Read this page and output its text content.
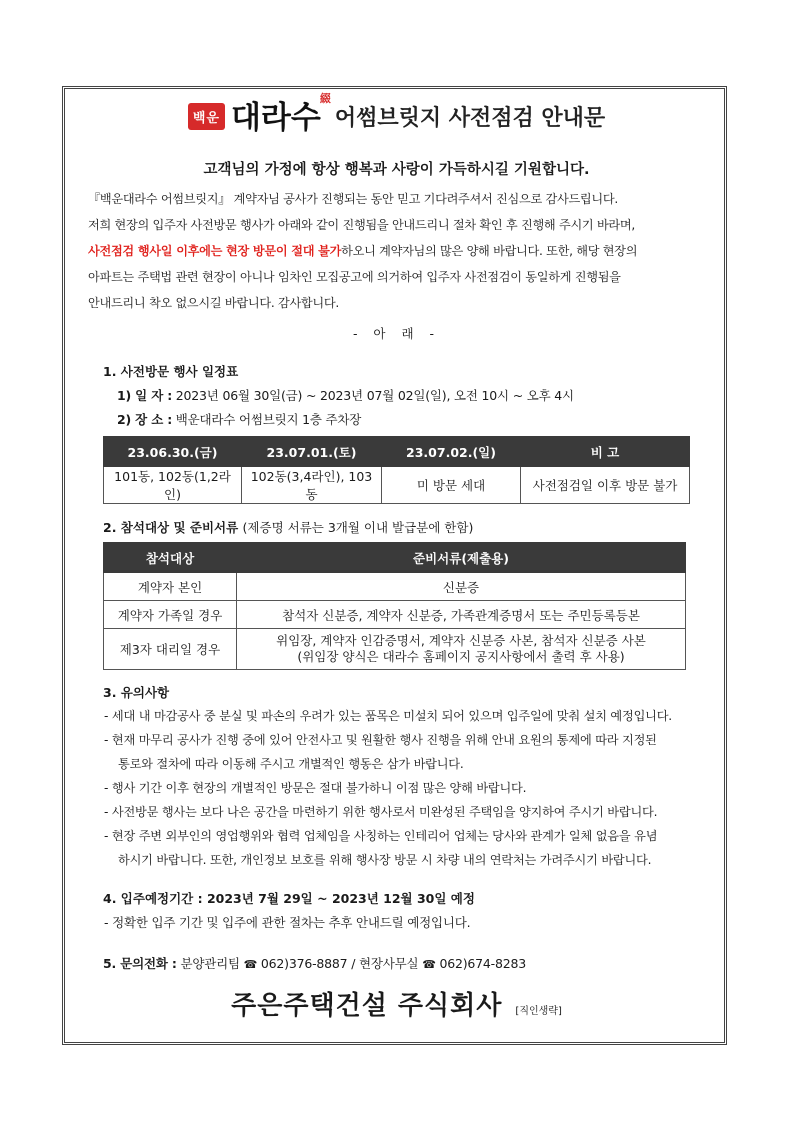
백운 대라수
綴
어썸브릿지 사전점검 안내문
고객님의 가정에 항상 행복과 사랑이 가득하시길 기원합니다.
『백운대라수 어썸브릿지』 계약자님 공사가 진행되는 동안 믿고 기다려주셔서 진심으로 감사드립니다.
저희 현장의 입주자 사전방문 행사가 아래와 같이 진행됨을 안내드리니 절차 확인 후 진행해 주시기 바라며,
사전점검 행사일 이후에는 현장 방문이 절대 불가하오니 계약자님의 많은 양해 바랍니다. 또한, 해당 현장의
아파트는 주택법 관련 현장이 아니나 임차인 모집공고에 의거하여 입주자 사전점검이 동일하게 진행됨을
안내드리니 착오 없으시길 바랍니다. 감사합니다.
- 아 래 -
1. 사전방문 행사 일정표
1) 일 자 : 2023년 06월 30일(금) ~ 2023년 07월 02일(일), 오전 10시 ~ 오후 4시
2) 장 소 : 백운대라수 어썸브릿지 1층 주차장
23.06.30.(금)	23.07.01.(토)	23.07.02.(일)	비 고
101동, 102동(1,2라인)	102동(3,4라인), 103동	미 방문 세대	사전점검일 이후 방문 불가
2. 참석대상 및 준비서류 (제증명 서류는 3개월 이내 발급분에 한함)
참석대상	준비서류(제출용)
계약자 본인	신분증
계약자 가족일 경우	참석자 신분증, 계약자 신분증, 가족관계증명서 또는 주민등록등본
제3자 대리일 경우	위임장, 계약자 인감증명서, 계약자 신분증 사본, 참석자 신분증 사본
(위임장 양식은 대라수 홈페이지 공지사항에서 출력 후 사용)
3. 유의사항
- 세대 내 마감공사 중 분실 및 파손의 우려가 있는 품목은 미설치 되어 있으며 입주일에 맞춰 설치 예정입니다.
- 현재 마무리 공사가 진행 중에 있어 안전사고 및 원활한 행사 진행을 위해 안내 요원의 통제에 따라 지정된
통로와 절차에 따라 이동해 주시고 개별적인 행동은 삼가 바랍니다.
- 행사 기간 이후 현장의 개별적인 방문은 절대 불가하니 이점 많은 양해 바랍니다.
- 사전방문 행사는 보다 나은 공간을 마련하기 위한 행사로서 미완성된 주택임을 양지하여 주시기 바랍니다.
- 현장 주변 외부인의 영업행위와 협력 업체임을 사칭하는 인테리어 업체는 당사와 관계가 일체 없음을 유념
하시기 바랍니다. 또한, 개인정보 보호를 위해 행사장 방문 시 차량 내의 연락처는 가려주시기 바랍니다.
4. 입주예정기간 : 2023년 7월 29일 ~ 2023년 12월 30일 예정
- 정확한 입주 기간 및 입주에 관한 절차는 추후 안내드릴 예정입니다.
5. 문의전화 : 분양관리팀 ☎ 062)376-8887 / 현장사무실 ☎ 062)674-8283
주은주택건설 주식회사 [직인생략]
